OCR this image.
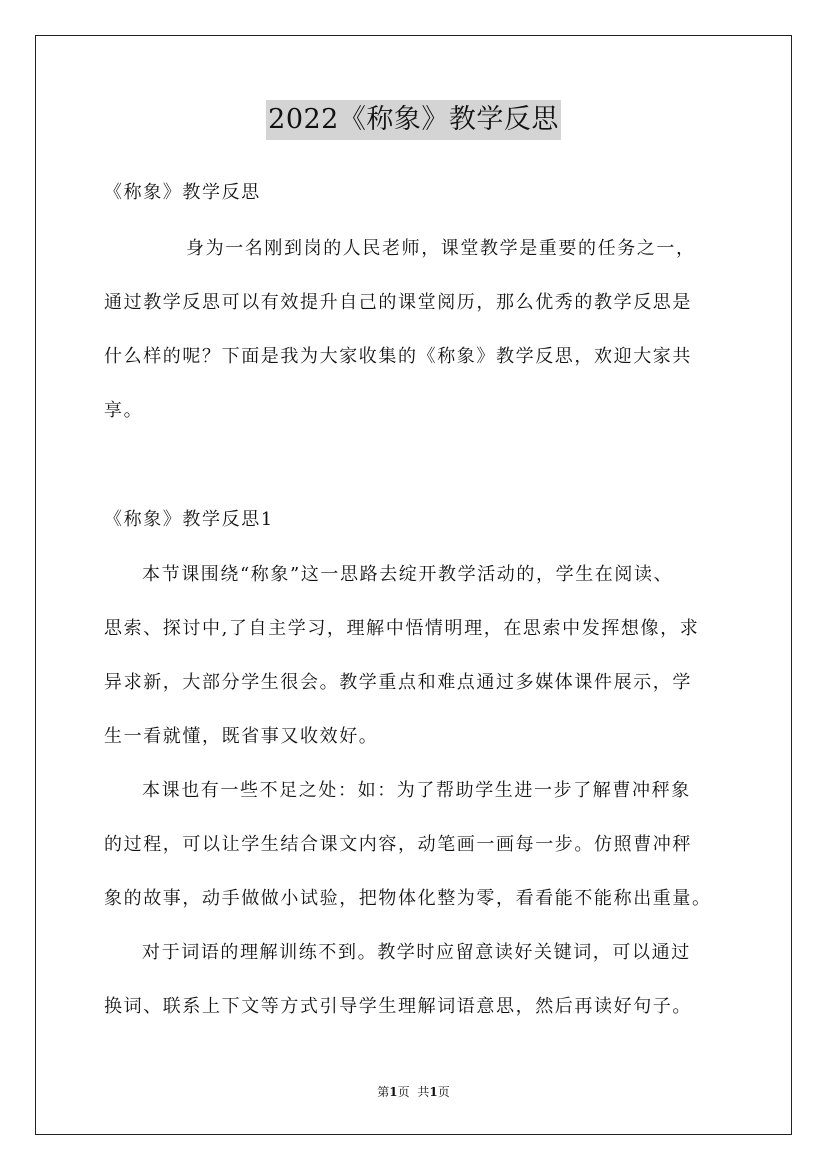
2022《称象》教学反思
《称象》教学反思
身为一名刚到岗的人民老师，课堂教学是重要的任务之一，
通过教学反思可以有效提升自己的课堂阅历，那么优秀的教学反思是
什么样的呢？下面是我为大家收集的《称象》教学反思，欢迎大家共
享。
《称象》教学反思1
本节课围绕“称象”这一思路去绽开教学活动的，学生在阅读、
思索、探讨中,了自主学习，理解中悟情明理，在思索中发挥想像，求
异求新，大部分学生很会。教学重点和难点通过多媒体课件展示，学
生一看就懂，既省事又收效好。
本课也有一些不足之处：如：为了帮助学生进一步了解曹冲秤象
的过程，可以让学生结合课文内容，动笔画一画每一步。仿照曹冲秤
象的故事，动手做做小试验，把物体化整为零，看看能不能称出重量。
对于词语的理解训练不到。教学时应留意读好关键词，可以通过
换词、联系上下文等方式引导学生理解词语意思，然后再读好句子。
第1页 共1页
